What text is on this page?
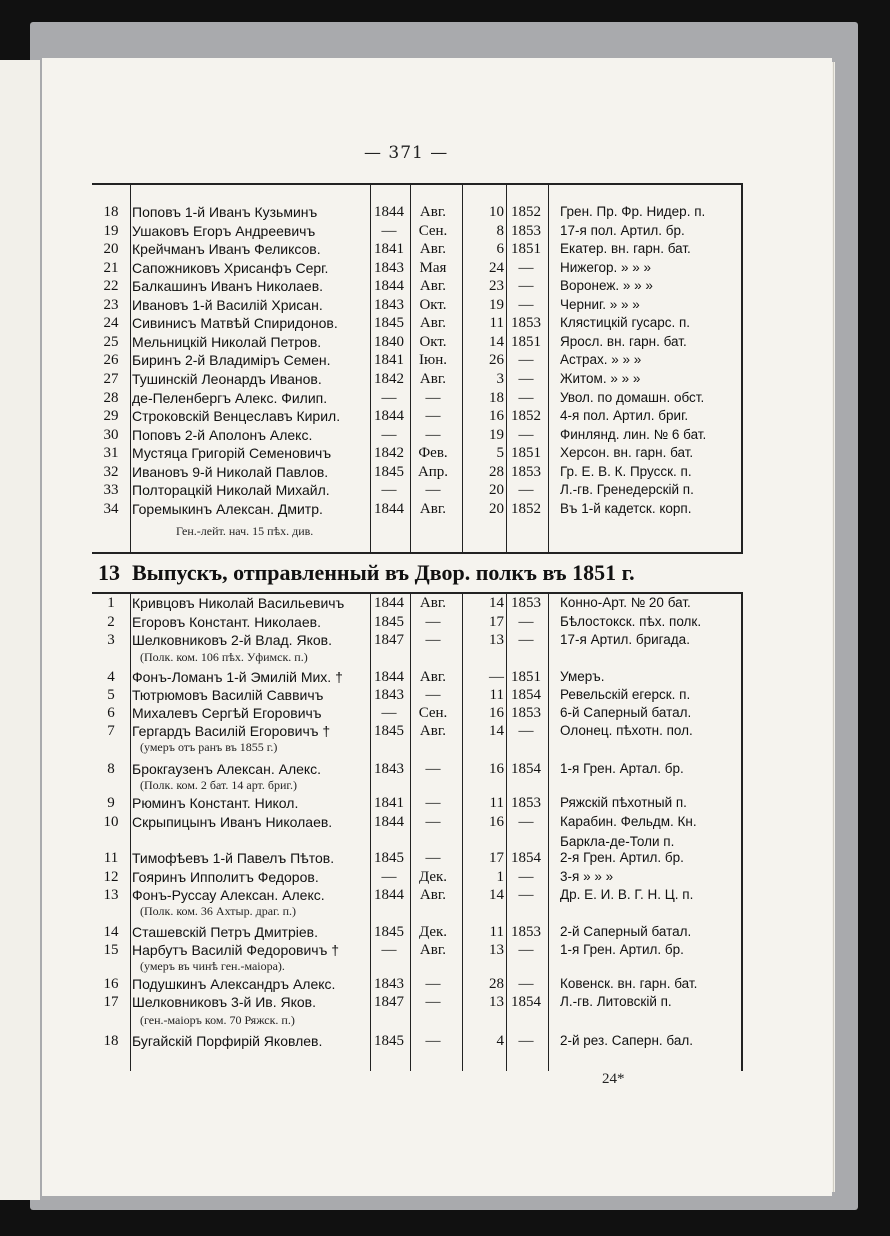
— 371 —
18 Поповъ 1-й Иванъ Кузьминъ	1844	Авг.	10 1852	Грен. Пр. Фр. Нидер. п.
19 Ушаковъ Егоръ Андреевичъ	—	Сен.	8 1853	17-я пол. Артил. бр.
20 Крейчманъ Иванъ Феликсов.	1841	Авг.	6 1851	Екатер. вн. гарн. бат.
21 Сапожниковъ Хрисанфъ Серг.	1843	Мая	24 —	Нижегор. » » »
22 Балкашинъ Иванъ Николаев.	1844	Авг.	23 —	Воронеж. » » »
23 Ивановъ 1-й Василій Хрисан.	1843	Окт.	19 —	Черниг. » » »
24 Сивинисъ Матвѣй Спиридонов.	1845	Авг.	11 1853	Клястицкій гусарс. п.
25 Мельницкій Николай Петров.	1840	Окт.	14 1851	Яросл. вн. гарн. бат.
26 Биринъ 2-й Владиміръ Семен.	1841	Іюн.	26 —	Астрах. » » »
27 Тушинскій Леонардъ Иванов.	1842	Авг.	3 —	Житом. » » »
28 де-Пеленбергъ Алекс. Филип.	—	—	18 —	Увол. по домашн. обст.
29 Строковскій Венцеславъ Кирил.	1844	—	16 1852	4-я пол. Артил. бриг.
30 Поповъ 2-й Аполонъ Алекс.	—	—	19 —	Финлянд. лин. № 6 бат.
31 Мустяца Григорій Семеновичъ	1842 Фев.	5 1851	Херсон. вн. гарн. бат.
32 Ивановъ 9-й Николай Павлов.	1845 Апр.	28 1853	Гр. Е. В. К. Прусск. п.
33 Полторацкій Николай Михайл.	—	—	20 —	Л.-гв. Гренедерскій п.
34 Горемыкинъ Алексан. Дмитр.	1844	Авг.	20 1852	Въ 1-й кадетск. корп.
Ген.-лейт. нач. 15 пѣх. див.
1	Кривцовъ Николай Васильевичъ	1844	Авг.	14 1853	Конно-Арт. № 20 бат.
2	Егоровъ Констант. Николаев.	1845	—	17 —	Бѣлостокск. пѣх. полк.
3	Шелковниковъ 2-й Влад. Яков.	1847	—	13 —	17-я Артил. бригада.
4	Фонъ-Ломанъ 1-й Эмилій Мих. †	1844	Авг.	— 1851	Умеръ.
5	Тютрюмовъ Василій Саввичъ	1843	—	11 1854	Ревельскій егерск. п.
6	Михалевъ Сергѣй Егоровичъ	—	Сен.	16 1853	6-й Саперный батал.
7	Гергардъ Василій Егоровичъ †	1845	Авг.	14 —	Олонец. пѣхотн. пол.
8	Брокгаузенъ Алексан. Алекс.	1843	—	16 1854	1-я Грен. Артал. бр.
9	Рюминъ Констант. Никол.	1841	—	11 1853	Ряжскій пѣхотный п.
10 Скрыпицынъ Иванъ Николаев.	1844	—	16 —	Карабин. Фельдм. Кн.
Баркла-де-Толи п.
11 Тимофѣевъ 1-й Павелъ Пѣтов.	1845	—	17 1854	2-я Грен. Артил. бр.
12 Гояринъ Ипполитъ Федоров.	—	Дек.	1 —	3-я » » »
13 Фонъ-Руссау Алексан. Алекс.	1844	Авг.	14 —	Др. Е. И. В. Г. Н. Ц. п.
14 Сташевскій Петръ Дмитріев.	1845 Дек.	11 1853	2-й Саперный батал.
15 Нарбутъ Василій Федоровичъ †	—	Авг.	13 —	1-я Грен. Артил. бр.
16 Подушкинъ Александръ Алекс.	1843	—	28 —	Ковенск. вн. гарн. бат.
17 Шелковниковъ 3-й Ив. Яков.	1847	—	13 1854	Л.-гв. Литовскій п.
18 Бугайскій Порфирій Яковлев.	1845	—	4 —	2-й рез. Саперн. бал.
(Полк. ком. 106 пѣх. Уфимск. п.)
(умеръ отъ ранъ въ 1855 г.)
(Полк. ком. 2 бат. 14 арт. бриг.)
(Полк. ком. 36 Ахтыр. драг. п.)
(умеръ въ чинѣ ген.-маіора).
(ген.-маіоръ ком. 70 Ряжск. п.)
13 Выпускъ, отправленный въ Двор. полкъ въ 1851 г.
24*
